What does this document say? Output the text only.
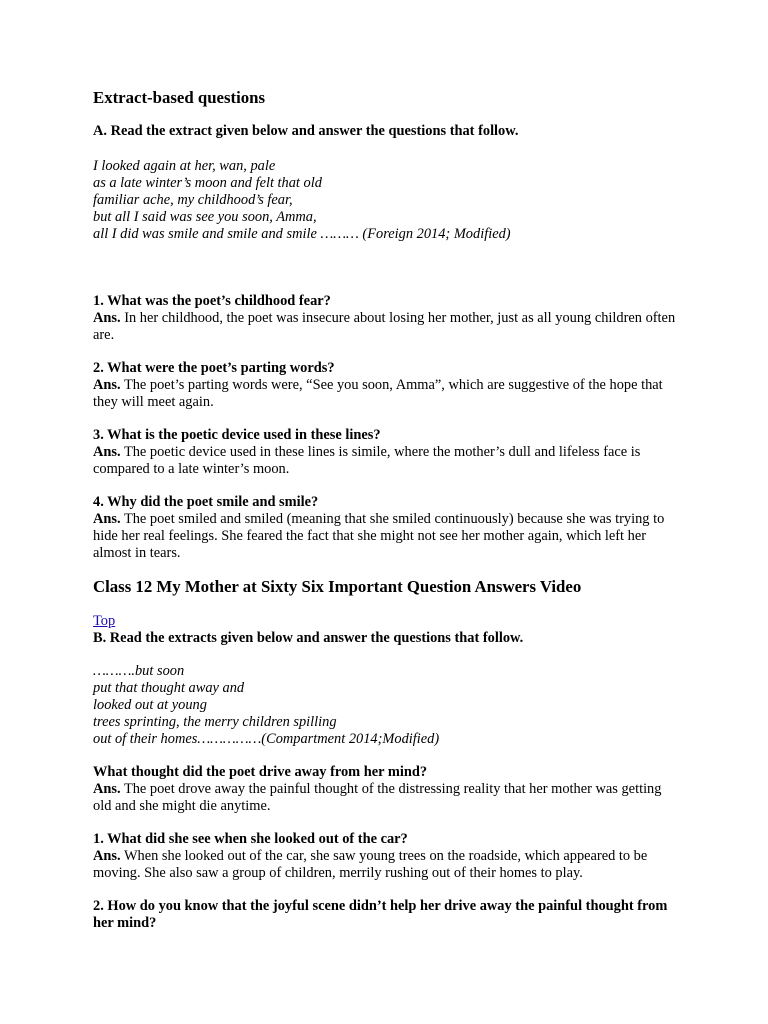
Extract-based questions

A. Read the extract given below and answer the questions that follow.

I looked again at her, wan, pale

as a late winter’s moon and felt that old

familiar ache, my childhood’s fear,

but all I said was see you soon, Amma,

all I did was smile and smile and smile ……… (Foreign 2014; Modified)

1. What was the poet’s childhood fear?

Ans. In her childhood, the poet was insecure about losing her mother, just as all young children often are.

2. What were the poet’s parting words?

Ans. The poet’s parting words were, “See you soon, Amma”, which are suggestive of the hope that they will meet again.

3. What is the poetic device used in these lines?

Ans. The poetic device used in these lines is simile, where the mother’s dull and lifeless face is compared to a late winter’s moon.

4. Why did the poet smile and smile?

Ans. The poet smiled and smiled (meaning that she smiled continuously) because she was trying to hide her real feelings. She feared the fact that she might not see her mother again, which left her almost in tears.

Class 12 My Mother at Sixty Six Important Question Answers Video
Top

B. Read the extracts given below and answer the questions that follow.

……….but soon

put that thought away and

looked out at young

trees sprinting, the merry children spilling

out of their homes……………(Compartment 2014;Modified)

What thought did the poet drive away from her mind?

Ans. The poet drove away the painful thought of the distressing reality that her mother was getting old and she might die anytime.

1. What did she see when she looked out of the car?

Ans. When she looked out of the car, she saw young trees on the roadside, which appeared to be moving. She also saw a group of children, merrily rushing out of their homes to play.

2. How do you know that the joyful scene didn’t help her drive away the painful thought from her mind?
